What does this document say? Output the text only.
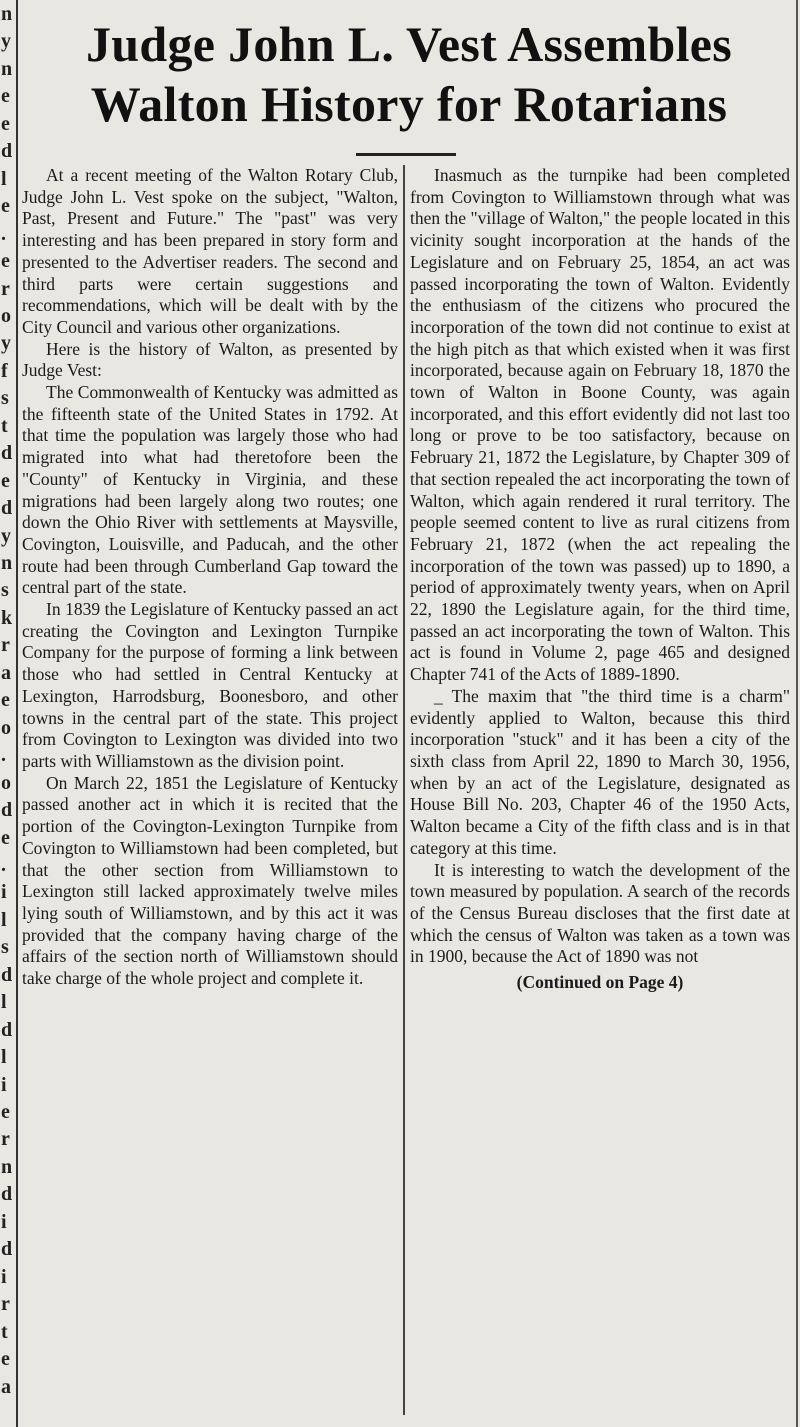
n
y
n
e
e
d
l
e
.
e
r
o
y
f
s
t
d
e
d
y
n
s
k
r
a
e
o
.
o
d
e
.
i
l
s
d
l
d
l
i
e
r
n
d
i
d
i
r
t
e
a
Judge John L. Vest Assembles
Walton History for Rotarians

At a recent meeting of the Walton Rotary Club, Judge John L. Vest spoke on the subject, "Walton, Past, Present and Future." The "past" was very interesting and has been prepared in story form and presented to the Advertiser readers. The second and third parts were certain suggestions and recommendations, which will be dealt with by the City Council and various other organizations.

Here is the history of Walton, as presented by Judge Vest:

The Commonwealth of Kentucky was admitted as the fifteenth state of the United States in 1792. At that time the population was largely those who had migrated into what had theretofore been the "County" of Kentucky in Virginia, and these migrations had been largely along two routes; one down the Ohio River with settlements at Maysville, Covington, Louisville, and Paducah, and the other route had been through Cumberland Gap toward the central part of the state.

In 1839 the Legislature of Kentucky passed an act creating the Covington and Lexington Turnpike Company for the purpose of forming a link between those who had settled in Central Kentucky at Lexington, Harrodsburg, Boonesboro, and other towns in the central part of the state. This project from Covington to Lexington was divided into two parts with Williamstown as the division point.

On March 22, 1851 the Legislature of Kentucky passed another act in which it is recited that the portion of the Covington-Lexington Turnpike from Covington to Williamstown had been completed, but that the other section from Williamstown to Lexington still lacked approximately twelve miles lying south of Williamstown, and by this act it was provided that the company having charge of the affairs of the section north of Williamstown should take charge of the whole project and complete it.

Inasmuch as the turnpike had been completed from Covington to Williamstown through what was then the "village of Walton," the people located in this vicinity sought incorporation at the hands of the Legislature and on February 25, 1854, an act was passed incorporating the town of Walton. Evidently the enthusiasm of the citizens who procured the incorporation of the town did not continue to exist at the high pitch as that which existed when it was first incorporated, because again on February 18, 1870 the town of Walton in Boone County, was again incorporated, and this effort evidently did not last too long or prove to be too satisfactory, because on February 21, 1872 the Legislature, by Chapter 309 of that section repealed the act incorporating the town of Walton, which again rendered it rural territory. The people seemed content to live as rural citizens from February 21, 1872 (when the act repealing the incorporation of the town was passed) up to 1890, a period of approximately twenty years, when on April 22, 1890 the Legislature again, for the third time, passed an act incorporating the town of Walton. This act is found in Volume 2, page 465 and designed Chapter 741 of the Acts of 1889-1890.

_ The maxim that "the third time is a charm" evidently applied to Walton, because this third incorporation "stuck" and it has been a city of the sixth class from April 22, 1890 to March 30, 1956, when by an act of the Legislature, designated as House Bill No. 203, Chapter 46 of the 1950 Acts, Walton became a City of the fifth class and is in that category at this time.

It is interesting to watch the development of the town measured by population. A search of the records of the Census Bureau discloses that the first date at which the census of Walton was taken as a town was in 1900, because the Act of 1890 was not

(Continued on Page 4)
